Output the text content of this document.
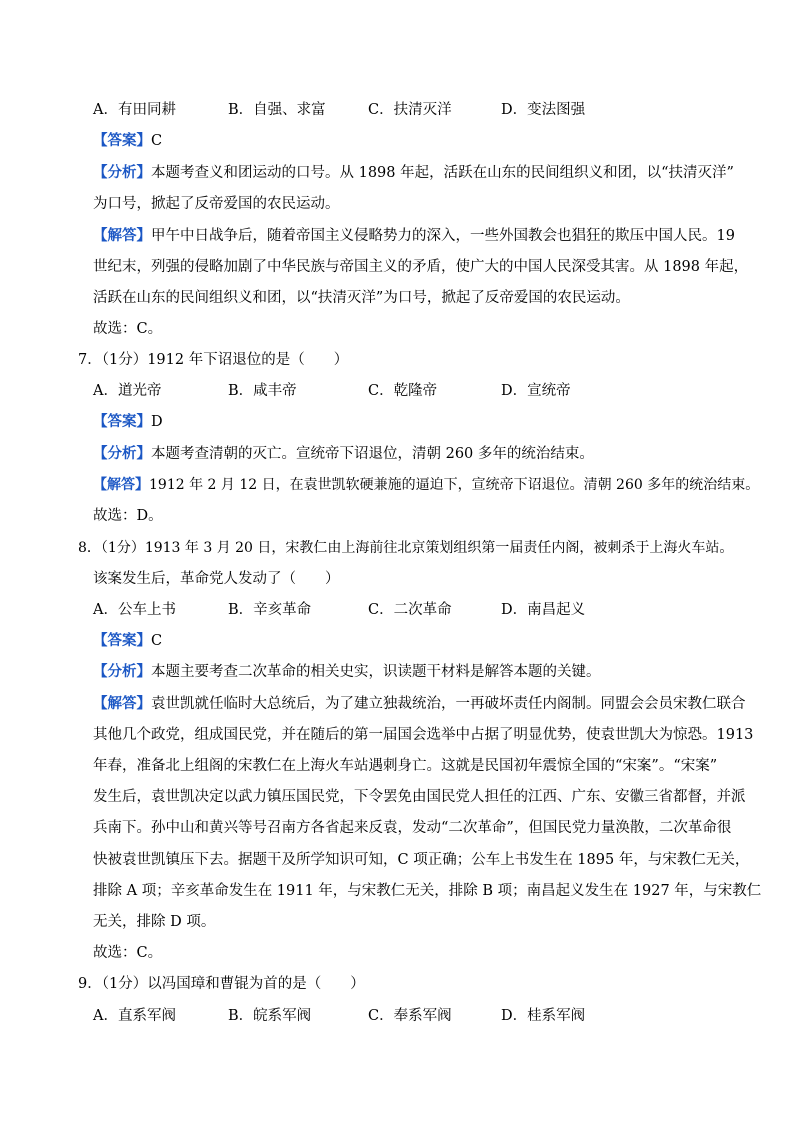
A．有田同耕	B．自强、求富	C．扶清灭洋	D．变法图强
【答案】C
【分析】本题考查义和团运动的口号。从 1898 年起，活跃在山东的民间组织义和团，以“扶清灭洋”
为口号，掀起了反帝爱国的农民运动。
【解答】甲午中日战争后，随着帝国主义侵略势力的深入，一些外国教会也猖狂的欺压中国人民。19
世纪末，列强的侵略加剧了中华民族与帝国主义的矛盾，使广大的中国人民深受其害。从 1898 年起，
活跃在山东的民间组织义和团，以“扶清灭洋”为口号，掀起了反帝爱国的农民运动。
故选：C。
7．（1分）1912 年下诏退位的是（　　）
A．道光帝	B．咸丰帝	C．乾隆帝	D．宣统帝
【答案】D
【分析】本题考查清朝的灭亡。宣统帝下诏退位，清朝 260 多年的统治结束。
【解答】1912 年 2 月 12 日，在袁世凯软硬兼施的逼迫下，宣统帝下诏退位。清朝 260 多年的统治结束。
故选：D。
8．（1分）1913 年 3 月 20 日，宋教仁由上海前往北京策划组织第一届责任内阁，被刺杀于上海火车站。
该案发生后，革命党人发动了（　　）
A．公车上书	B．辛亥革命	C．二次革命	D．南昌起义
【答案】C
【分析】本题主要考查二次革命的相关史实，识读题干材料是解答本题的关键。
【解答】袁世凯就任临时大总统后，为了建立独裁统治，一再破坏责任内阁制。同盟会会员宋教仁联合
其他几个政党，组成国民党，并在随后的第一届国会选举中占据了明显优势，使袁世凯大为惊恐。1913
年春，准备北上组阁的宋教仁在上海火车站遇刺身亡。这就是民国初年震惊全国的“宋案”。“宋案”
发生后，袁世凯决定以武力镇压国民党，下令罢免由国民党人担任的江西、广东、安徽三省都督，并派
兵南下。孙中山和黄兴等号召南方各省起来反袁，发动“二次革命”，但国民党力量涣散，二次革命很
快被袁世凯镇压下去。据题干及所学知识可知，C 项正确；公车上书发生在 1895 年，与宋教仁无关，
排除 A 项；辛亥革命发生在 1911 年，与宋教仁无关，排除 B 项；南昌起义发生在 1927 年，与宋教仁
无关，排除 D 项。
故选：C。
9．（1分）以冯国璋和曹锟为首的是（　　）
A．直系军阀	B．皖系军阀	C．奉系军阀	D．桂系军阀
